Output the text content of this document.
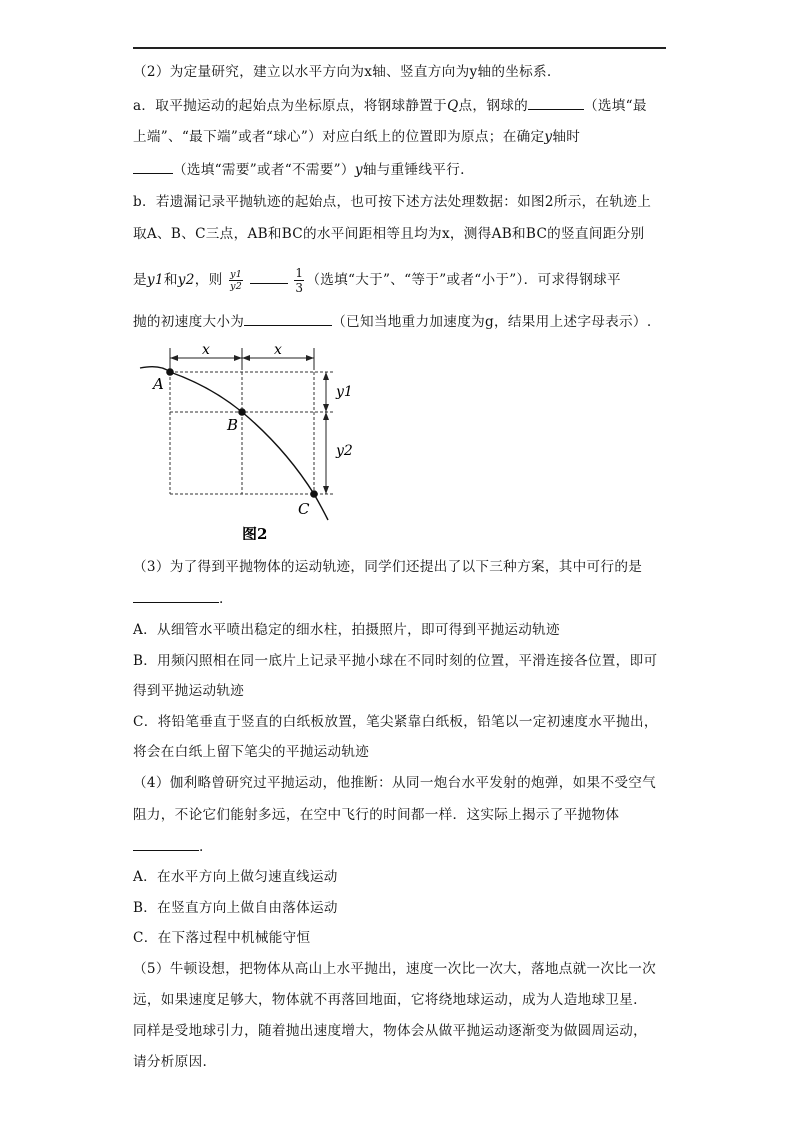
（2）为定量研究，建立以水平方向为x轴、竖直方向为y轴的坐标系.
a．取平抛运动的起始点为坐标原点，将钢球静置于Q点，钢球的	（选填“最
上端”、“最下端”或者“球心”）对应白纸上的位置即为原点；在确定y轴时
（选填“需要”或者“不需要”）y轴与重锤线平行.
b．若遗漏记录平抛轨迹的起始点，也可按下述方法处理数据：如图2所示，在轨迹上
取A、B、C三点，AB和BC的水平间距相等且均为x，测得AB和BC的竖直间距分别
是y1和y2，则 $\frac{y1}{y2}$
	$\frac{1}{3}$ （选填“大于”、“等于”或者“小于”）．可求得钢球平
抛的初速度大小为	（已知当地重力加速度为g，结果用上述字母表示）.
x	x
y1
y2
A
B
C
图2
（3）为了得到平抛物体的运动轨迹，同学们还提出了以下三种方案，其中可行的是
.
A．从细管水平喷出稳定的细水柱，拍摄照片，即可得到平抛运动轨迹
B．用频闪照相在同一底片上记录平抛小球在不同时刻的位置，平滑连接各位置，即可
得到平抛运动轨迹
C．将铅笔垂直于竖直的白纸板放置，笔尖紧靠白纸板，铅笔以一定初速度水平抛出，
将会在白纸上留下笔尖的平抛运动轨迹
（4）伽利略曾研究过平抛运动，他推断：从同一炮台水平发射的炮弹，如果不受空气
阻力，不论它们能射多远，在空中飞行的时间都一样．这实际上揭示了平抛物体
.
A．在水平方向上做匀速直线运动
B．在竖直方向上做自由落体运动
C．在下落过程中机械能守恒
（5）牛顿设想，把物体从高山上水平抛出，速度一次比一次大，落地点就一次比一次
远，如果速度足够大，物体就不再落回地面，它将绕地球运动，成为人造地球卫星.
同样是受地球引力，随着抛出速度增大，物体会从做平抛运动逐渐变为做圆周运动，
请分析原因.
